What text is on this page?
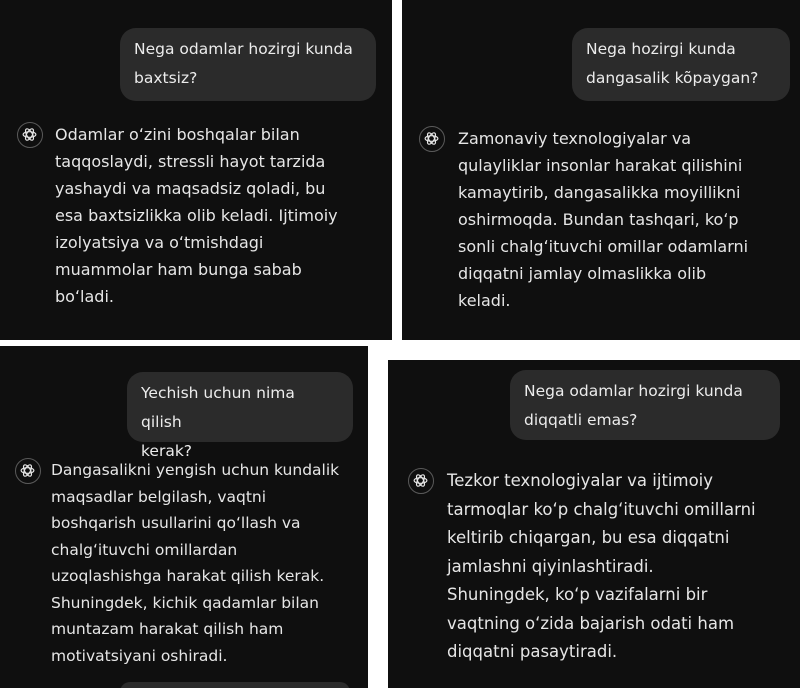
Nega odamlar hozirgi kunda
baxtsiz?
Odamlar oʻzini boshqalar bilan
taqqoslaydi, stressli hayot tarzida
yashaydi va maqsadsiz qoladi, bu
esa baxtsizlikka olib keladi. Ijtimoiy
izolyatsiya va oʻtmishdagi
muammolar ham bunga sabab
boʻladi.
Nega hozirgi kunda
dangasalik kõpaygan?
Zamonaviy texnologiyalar va
qulayliklar insonlar harakat qilishini
kamaytirib, dangasalikka moyillikni
oshirmoqda. Bundan tashqari, koʻp
sonli chalgʻituvchi omillar odamlarni
diqqatni jamlay olmaslikka olib
keladi.
Yechish uchun nima qilish
kerak?
Dangasalikni yengish uchun kundalik
maqsadlar belgilash, vaqtni
boshqarish usullarini qoʻllash va
chalgʻituvchi omillardan
uzoqlashishga harakat qilish kerak.
Shuningdek, kichik qadamlar bilan
muntazam harakat qilish ham
motivatsiyani oshiradi.
Nega odamlar hozirgi kunda
diqqatli emas?
Tezkor texnologiyalar va ijtimoiy
tarmoqlar koʻp chalgʻituvchi omillarni
keltirib chiqargan, bu esa diqqatni
jamlashni qiyinlashtiradi.
Shuningdek, koʻp vazifalarni bir
vaqtning oʻzida bajarish odati ham
diqqatni pasaytiradi.
